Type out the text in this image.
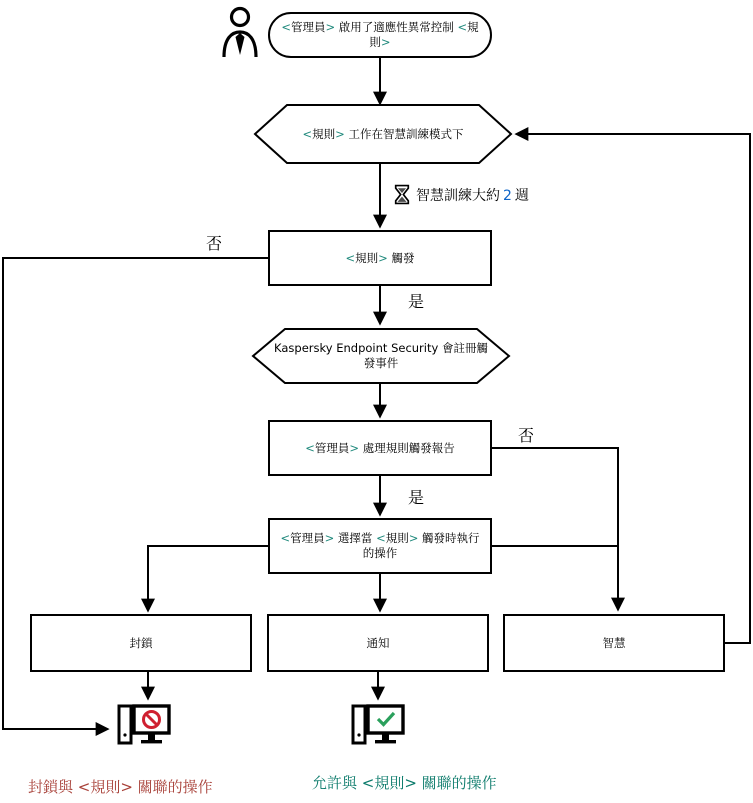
<管理員> 啟用了適應性異常控制 <規則>
<規則> 工作在智慧訓練模式下
智慧訓練大約 2 週
<規則> 觸發
否
是
Kaspersky Endpoint Security 會註冊觸發事件
<管理員> 處理規則觸發報告
否
是
<管理員> 選擇當 <規則> 觸發時執行的操作
封鎖	通知	智慧
封鎖與 <規則> 關聯的操作	允許與 <規則> 關聯的操作
